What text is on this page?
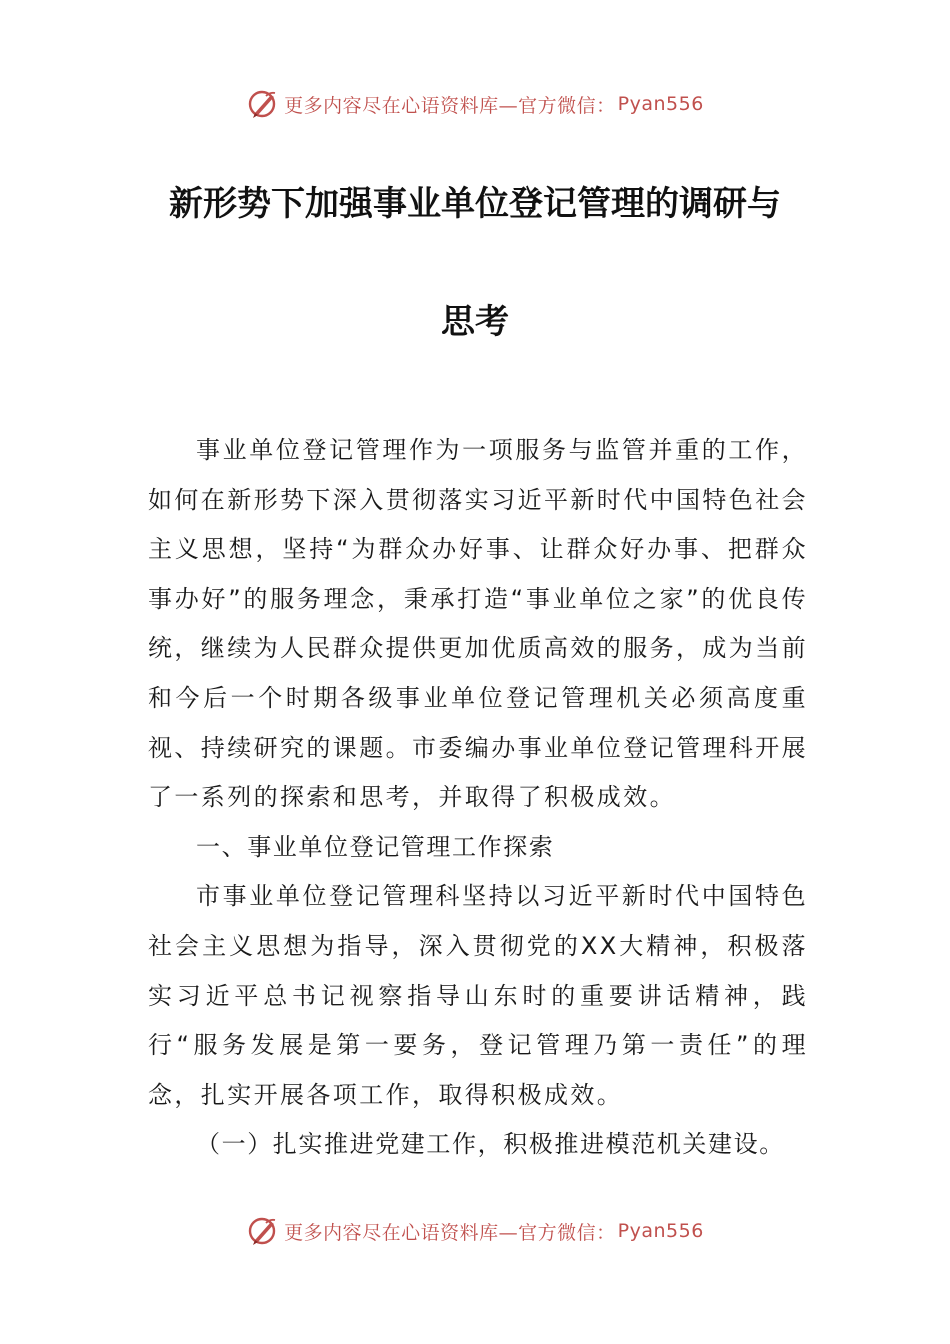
更多内容尽在心语资料库—官方微信： Pyan556
新形势下加强事业单位登记管理的调研与
思考

事业单位登记管理作为一项服务与监管并重的工作，如何在新形势下深入贯彻落实习近平新时代中国特色社会主义思想，坚持“为群众办好事、让群众好办事、把群众事办好”的服务理念，秉承打造“事业单位之家”的优良传统，继续为人民群众提供更加优质高效的服务，成为当前和今后一个时期各级事业单位登记管理机关必须高度重视、持续研究的课题。市委编办事业单位登记管理科开展了一系列的探索和思考，并取得了积极成效。

一、事业单位登记管理工作探索

市事业单位登记管理科坚持以习近平新时代中国特色社会主义思想为指导，深入贯彻党的XX大精神，积极落实习近平总书记视察指导山东时的重要讲话精神，践行“服务发展是第一要务，登记管理乃第一责任”的理念，扎实开展各项工作，取得积极成效。

（一）扎实推进党建工作，积极推进模范机关建设。

更多内容尽在心语资料库—官方微信： Pyan556
